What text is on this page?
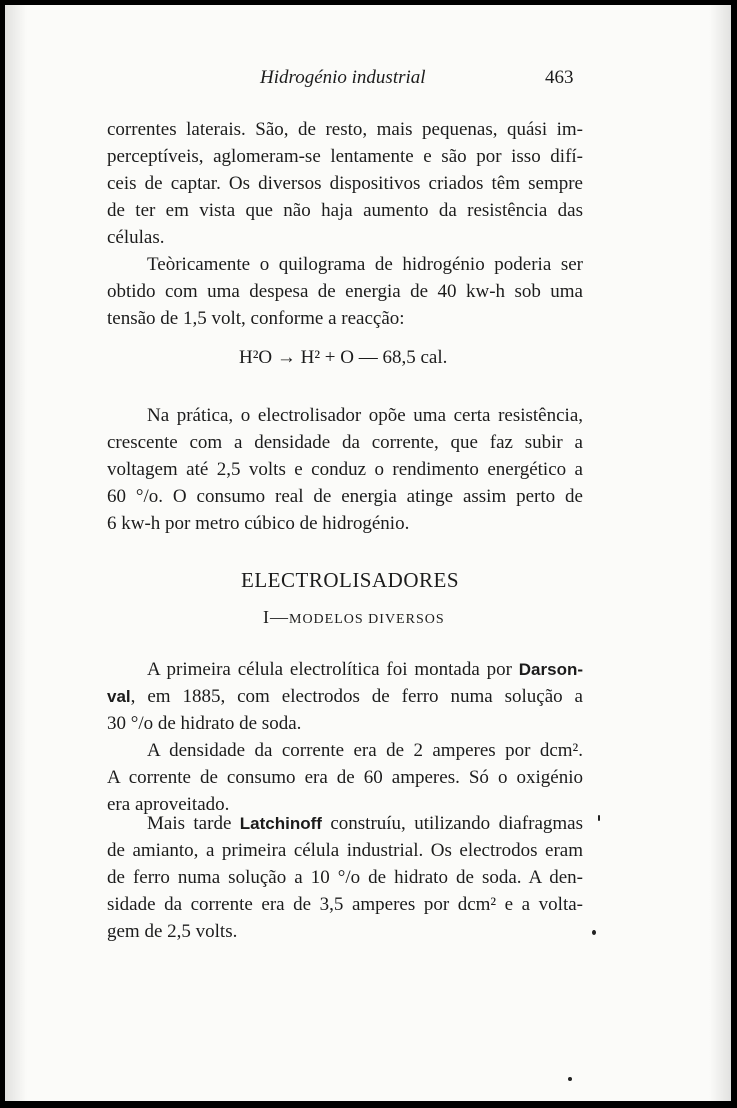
Hidrogénio industrial	463
correntes laterais. São, de resto, mais pequenas, quási im-
perceptíveis, aglomeram-se lentamente e são por isso difí-
ceis de captar. Os diversos dispositivos criados têm sempre
de ter em vista que não haja aumento da resistência das
células.
Teòricamente o quilograma de hidrogénio poderia ser
obtido com uma despesa de energia de 40 kw-h sob uma
tensão de 1,5 volt, conforme a reacção:
H²O → H² + O — 68,5 cal.
Na prática, o electrolisador opõe uma certa resistência,
crescente com a densidade da corrente, que faz subir a
voltagem até 2,5 volts e conduz o rendimento energético a
60 °/o. O consumo real de energia atinge assim perto de
6 kw-h por metro cúbico de hidrogénio.
ELECTROLISADORES
I—MODELOS DIVERSOS
A primeira célula electrolítica foi montada por Darson-
val, em 1885, com electrodos de ferro numa solução a
30 °/o de hidrato de soda.
A densidade da corrente era de 2 amperes por dcm².
A corrente de consumo era de 60 amperes. Só o oxigénio
era aproveitado.
Mais tarde Latchinoff construíu, utilizando diafragmas
de amianto, a primeira célula industrial. Os electrodos eram
de ferro numa solução a 10 °/o de hidrato de soda. A den-
sidade da corrente era de 3,5 amperes por dcm² e a volta-
gem de 2,5 volts.
